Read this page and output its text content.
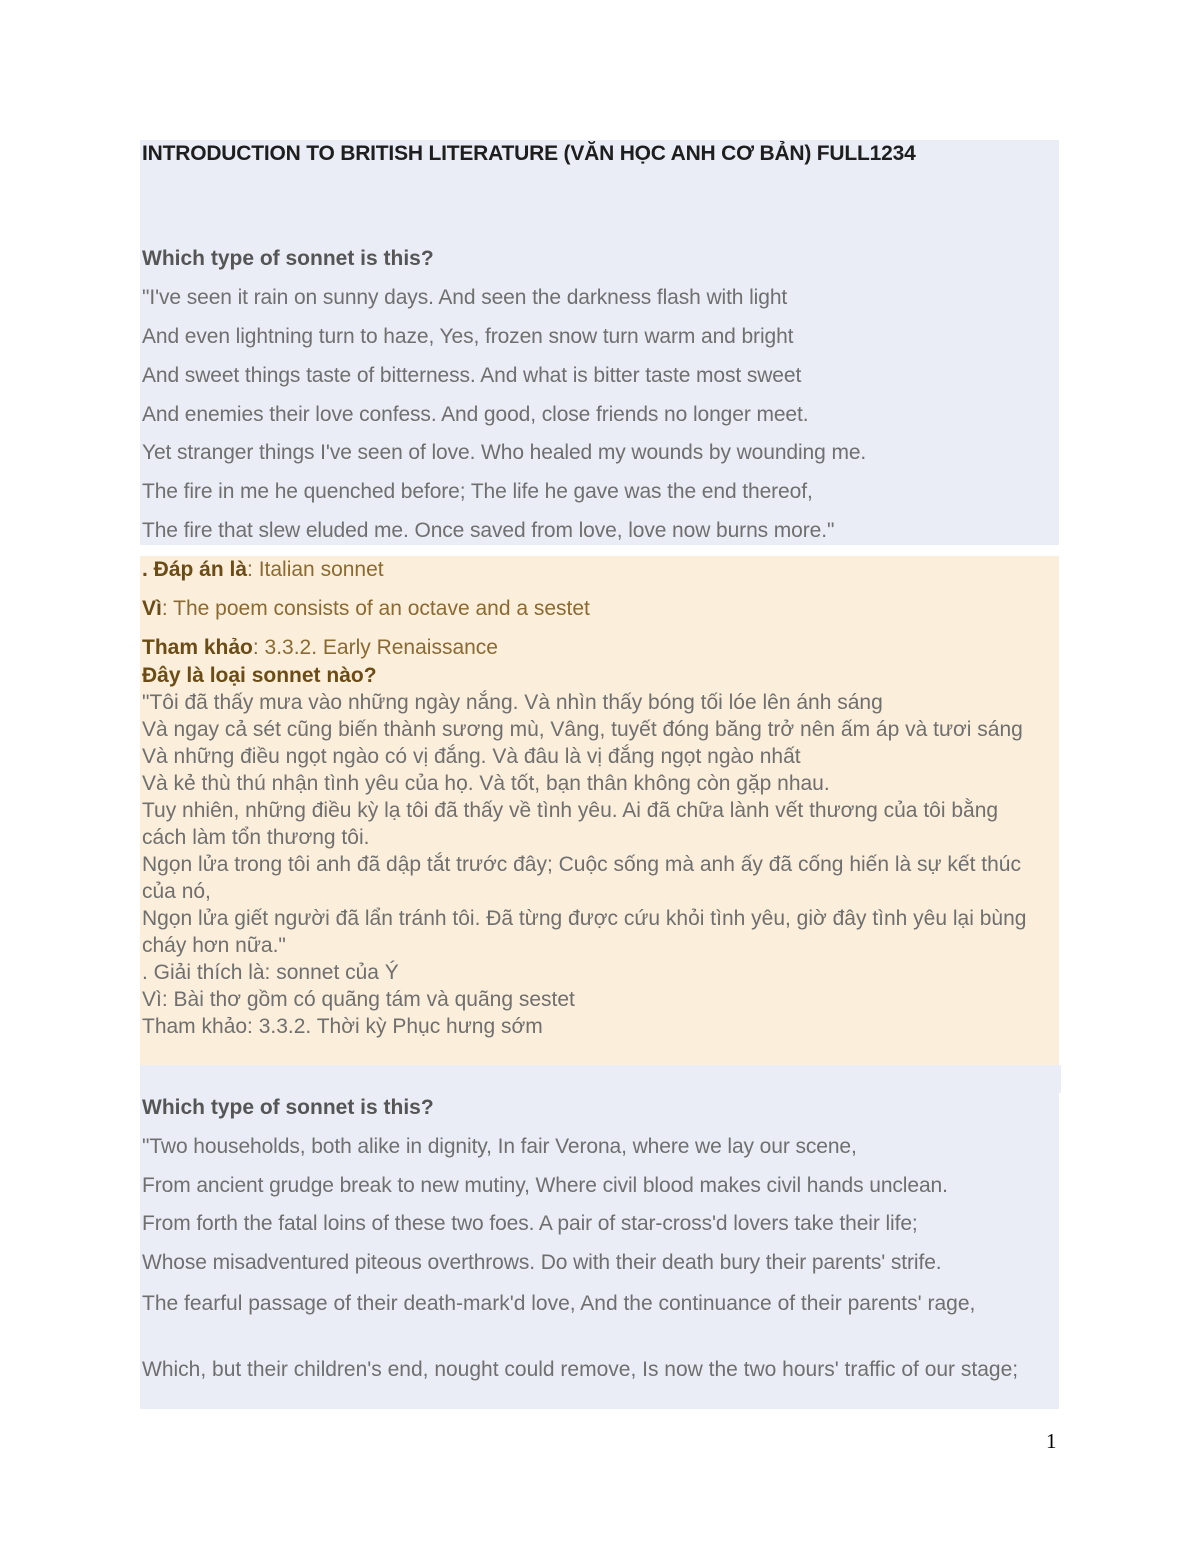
INTRODUCTION TO BRITISH LITERATURE (VĂN HỌC ANH CƠ BẢN) FULL1234
Which type of sonnet is this?
"I've seen it rain on sunny days. And seen the darkness flash with light
And even lightning turn to haze, Yes, frozen snow turn warm and bright
And sweet things taste of bitterness. And what is bitter taste most sweet
And enemies their love confess. And good, close friends no longer meet.
Yet stranger things I've seen of love. Who healed my wounds by wounding me.
The fire in me he quenched before; The life he gave was the end thereof,
The fire that slew eluded me. Once saved from love, love now burns more."
. Đáp án là: Italian sonnet
Vì: The poem consists of an octave and a sestet
Tham khảo: 3.3.2. Early Renaissance
Đây là loại sonnet nào?
"Tôi đã thấy mưa vào những ngày nắng. Và nhìn thấy bóng tối lóe lên ánh sáng
Và ngay cả sét cũng biến thành sương mù, Vâng, tuyết đóng băng trở nên ấm áp và tươi sáng
Và những điều ngọt ngào có vị đắng. Và đâu là vị đắng ngọt ngào nhất
Và kẻ thù thú nhận tình yêu của họ. Và tốt, bạn thân không còn gặp nhau.
Tuy nhiên, những điều kỳ lạ tôi đã thấy về tình yêu. Ai đã chữa lành vết thương của tôi bằng cách làm tổn thương tôi.
Ngọn lửa trong tôi anh đã dập tắt trước đây; Cuộc sống mà anh ấy đã cống hiến là sự kết thúc của nó,
Ngọn lửa giết người đã lẩn tránh tôi. Đã từng được cứu khỏi tình yêu, giờ đây tình yêu lại bùng cháy hơn nữa."
. Giải thích là: sonnet của Ý
Vì: Bài thơ gồm có quãng tám và quãng sestet
Tham khảo: 3.3.2. Thời kỳ Phục hưng sớm
Which type of sonnet is this?
"Two households, both alike in dignity, In fair Verona, where we lay our scene,
From ancient grudge break to new mutiny, Where civil blood makes civil hands unclean.
From forth the fatal loins of these two foes. A pair of star-cross'd lovers take their life;
Whose misadventured piteous overthrows. Do with their death bury their parents' strife.
The fearful passage of their death-mark'd love, And the continuance of their parents' rage,
Which, but their children's end, nought could remove, Is now the two hours' traffic of our stage;
1
